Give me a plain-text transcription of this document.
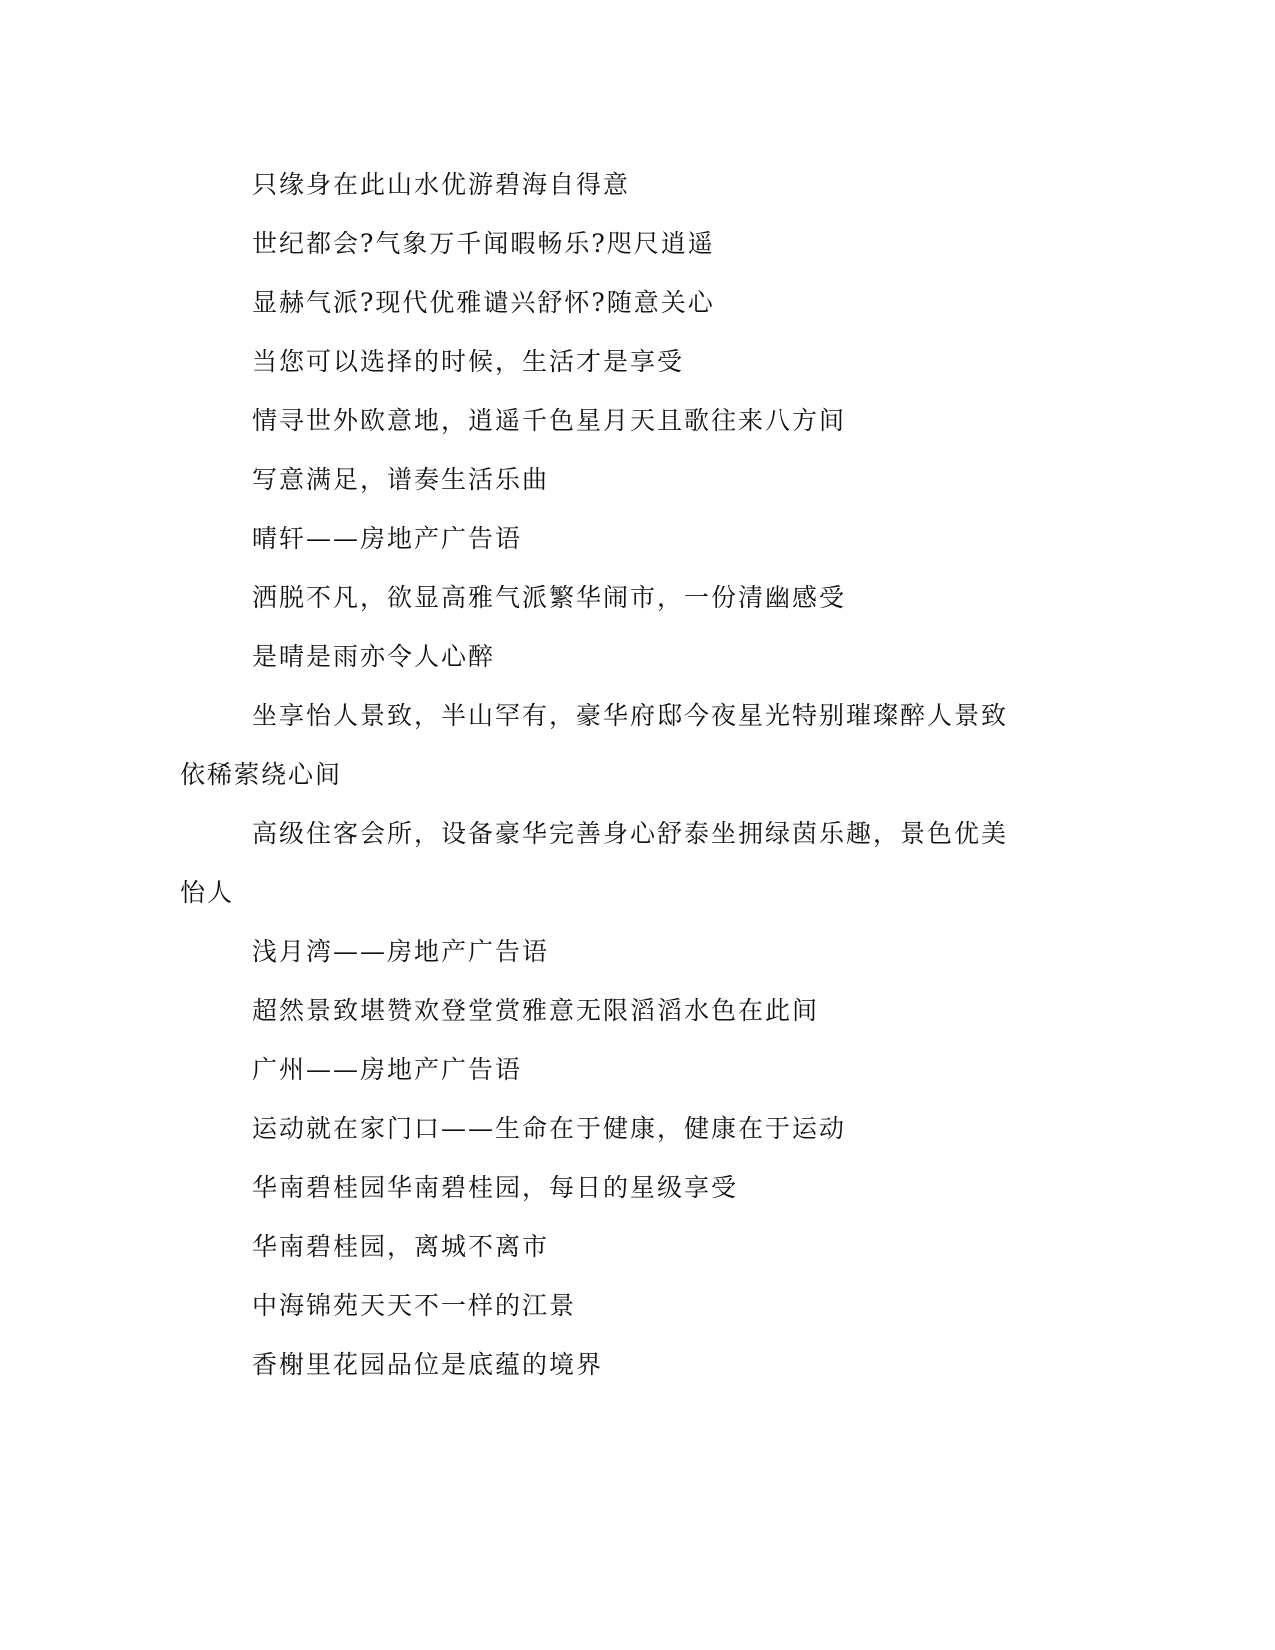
只缘身在此山水优游碧海自得意

世纪都会?气象万千闻暇畅乐?咫尺逍遥

显赫气派?现代优雅谴兴舒怀?随意关心

当您可以选择的时候，生活才是享受

情寻世外欧意地，逍遥千色星月天且歌往来八方间

写意满足，谱奏生活乐曲

晴轩——房地产广告语

洒脱不凡，欲显高雅气派繁华闹市，一份清幽感受

是晴是雨亦令人心醉

坐享怡人景致，半山罕有，豪华府邸今夜星光特别璀璨醉人景致依稀萦绕心间

高级住客会所，设备豪华完善身心舒泰坐拥绿茵乐趣，景色优美怡人

浅月湾——房地产广告语

超然景致堪赞欢登堂赏雅意无限滔滔水色在此间

广州——房地产广告语

运动就在家门口——生命在于健康，健康在于运动

华南碧桂园华南碧桂园，每日的星级享受

华南碧桂园，离城不离市

中海锦苑天天不一样的江景

香榭里花园品位是底蕴的境界
